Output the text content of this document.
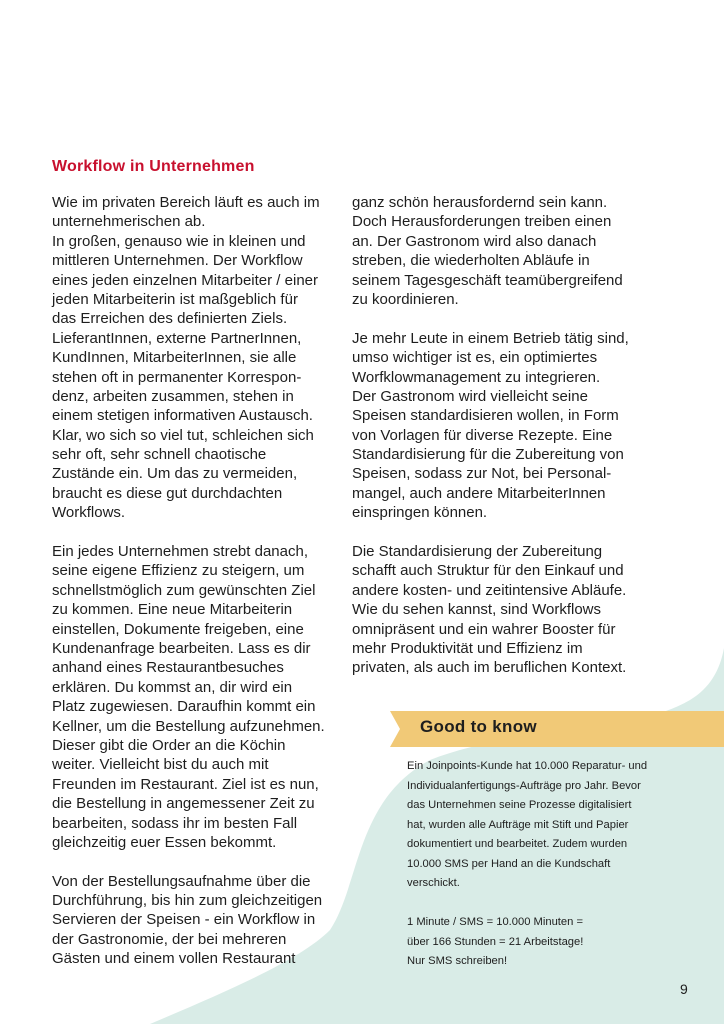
Workflow in Unternehmen
Wie im privaten Bereich läuft es auch im
unternehmerischen ab.
In großen, genauso wie in kleinen und
mittleren Unternehmen. Der Workflow
eines jeden einzelnen Mitarbeiter / einer
jeden Mitarbeiterin ist maßgeblich für
das Erreichen des definierten Ziels.
LieferantInnen, externe PartnerInnen,
KundInnen, MitarbeiterInnen, sie alle
stehen oft in permanenter Korrespon-
denz, arbeiten zusammen, stehen in
einem stetigen informativen Austausch.
Klar, wo sich so viel tut, schleichen sich
sehr oft, sehr schnell chaotische
Zustände ein. Um das zu vermeiden,
braucht es diese gut durchdachten
Workflows.
Ein jedes Unternehmen strebt danach,
seine eigene Effizienz zu steigern, um
schnellstmöglich zum gewünschten Ziel
zu kommen. Eine neue Mitarbeiterin
einstellen, Dokumente freigeben, eine
Kundenanfrage bearbeiten. Lass es dir
anhand eines Restaurantbesuches
erklären. Du kommst an, dir wird ein
Platz zugewiesen. Daraufhin kommt ein
Kellner, um die Bestellung aufzunehmen.
Dieser gibt die Order an die Köchin
weiter. Vielleicht bist du auch mit
Freunden im Restaurant. Ziel ist es nun,
die Bestellung in angemessener Zeit zu
bearbeiten, sodass ihr im besten Fall
gleichzeitig euer Essen bekommt.
Von der Bestellungsaufnahme über die
Durchführung, bis hin zum gleichzeitigen
Servieren der Speisen - ein Workflow in
der Gastronomie, der bei mehreren
Gästen und einem vollen Restaurant
ganz schön herausfordernd sein kann.
Doch Herausforderungen treiben einen
an. Der Gastronom wird also danach
streben, die wiederholten Abläufe in
seinem Tagesgeschäft teamübergreifend
zu koordinieren.
Je mehr Leute in einem Betrieb tätig sind,
umso wichtiger ist es, ein optimiertes
Worfklowmanagement zu integrieren.
Der Gastronom wird vielleicht seine
Speisen standardisieren wollen, in Form
von Vorlagen für diverse Rezepte. Eine
Standardisierung für die Zubereitung von
Speisen, sodass zur Not, bei Personal-
mangel, auch andere MitarbeiterInnen
einspringen können.
Die Standardisierung der Zubereitung
schafft auch Struktur für den Einkauf und
andere kosten- und zeitintensive Abläufe.
Wie du sehen kannst, sind Workflows
omnipräsent und ein wahrer Booster für
mehr Produktivität und Effizienz im
privaten, als auch im beruflichen Kontext.
Good to know
Ein Joinpoints-Kunde hat 10.000 Reparatur- und
Individualanfertigungs-Aufträge pro Jahr. Bevor
das Unternehmen seine Prozesse digitalisiert
hat, wurden alle Aufträge mit Stift und Papier
dokumentiert und bearbeitet. Zudem wurden
10.000 SMS per Hand an die Kundschaft
verschickt.
1 Minute / SMS = 10.000 Minuten =
über 166 Stunden = 21 Arbeitstage!
Nur SMS schreiben!
9
